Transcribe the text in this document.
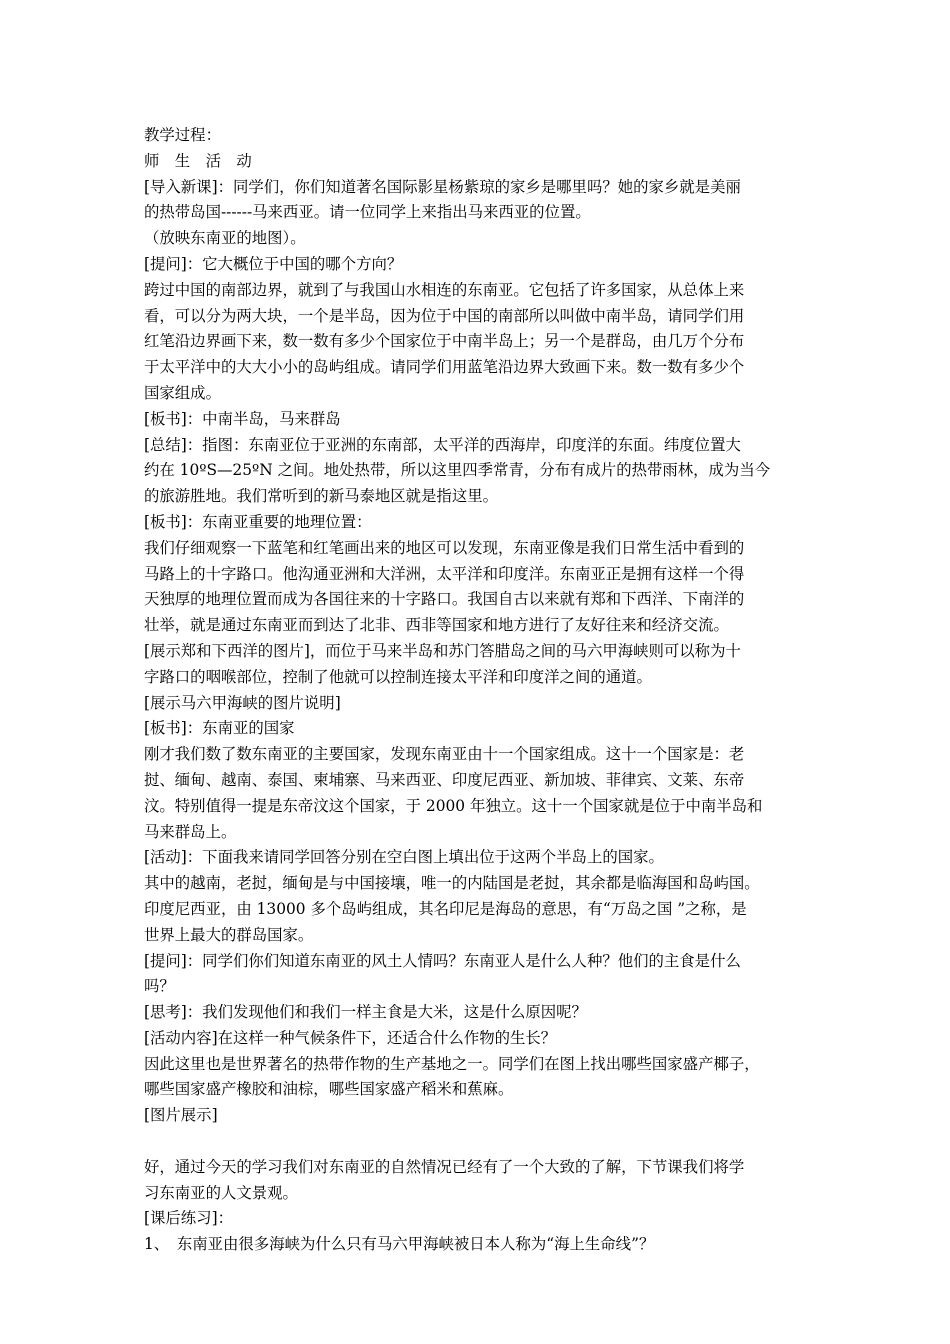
教学过程：
师　生　活　动
[导入新课]：同学们，你们知道著名国际影星杨紫琼的家乡是哪里吗？她的家乡就是美丽
的热带岛国------马来西亚。请一位同学上来指出马来西亚的位置。
（放映东南亚的地图）。
[提问]：它大概位于中国的哪个方向？
跨过中国的南部边界，就到了与我国山水相连的东南亚。它包括了许多国家，从总体上来
看，可以分为两大块，一个是半岛，因为位于中国的南部所以叫做中南半岛，请同学们用
红笔沿边界画下来，数一数有多少个国家位于中南半岛上；另一个是群岛，由几万个分布
于太平洋中的大大小小的岛屿组成。请同学们用蓝笔沿边界大致画下来。数一数有多少个
国家组成。
[板书]：中南半岛，马来群岛
[总结]：指图：东南亚位于亚洲的东南部，太平洋的西海岸，印度洋的东面。纬度位置大
约在 10ºS—25ºN 之间。地处热带，所以这里四季常青，分布有成片的热带雨林，成为当今
的旅游胜地。我们常听到的新马泰地区就是指这里。
[板书]：东南亚重要的地理位置：
我们仔细观察一下蓝笔和红笔画出来的地区可以发现，东南亚像是我们日常生活中看到的
马路上的十字路口。他沟通亚洲和大洋洲，太平洋和印度洋。东南亚正是拥有这样一个得
天独厚的地理位置而成为各国往来的十字路口。我国自古以来就有郑和下西洋、下南洋的
壮举，就是通过东南亚而到达了北非、西非等国家和地方进行了友好往来和经济交流。
[展示郑和下西洋的图片]，而位于马来半岛和苏门答腊岛之间的马六甲海峡则可以称为十
字路口的咽喉部位，控制了他就可以控制连接太平洋和印度洋之间的通道。
[展示马六甲海峡的图片说明]
[板书]：东南亚的国家
刚才我们数了数东南亚的主要国家，发现东南亚由十一个国家组成。这十一个国家是：老
挝、缅甸、越南、泰国、柬埔寨、马来西亚、印度尼西亚、新加坡、菲律宾、文莱、东帝
汶。特别值得一提是东帝汶这个国家，于 2000 年独立。这十一个国家就是位于中南半岛和
马来群岛上。
[活动]：下面我来请同学回答分别在空白图上填出位于这两个半岛上的国家。
其中的越南，老挝，缅甸是与中国接壤，唯一的内陆国是老挝，其余都是临海国和岛屿国。
印度尼西亚，由 13000 多个岛屿组成，其名印尼是海岛的意思，有“万岛之国 ”之称，是
世界上最大的群岛国家。
[提问]：同学们你们知道东南亚的风土人情吗？东南亚人是什么人种？他们的主食是什么
吗？
[思考]：我们发现他们和我们一样主食是大米，这是什么原因呢？
[活动内容]在这样一种气候条件下，还适合什么作物的生长？
因此这里也是世界著名的热带作物的生产基地之一。同学们在图上找出哪些国家盛产椰子，
哪些国家盛产橡胶和油棕，哪些国家盛产稻米和蕉麻。
[图片展示]
好，通过今天的学习我们对东南亚的自然情况已经有了一个大致的了解，下节课我们将学
习东南亚的人文景观。
[课后练习]：
1、　东南亚由很多海峡为什么只有马六甲海峡被日本人称为“海上生命线”？
